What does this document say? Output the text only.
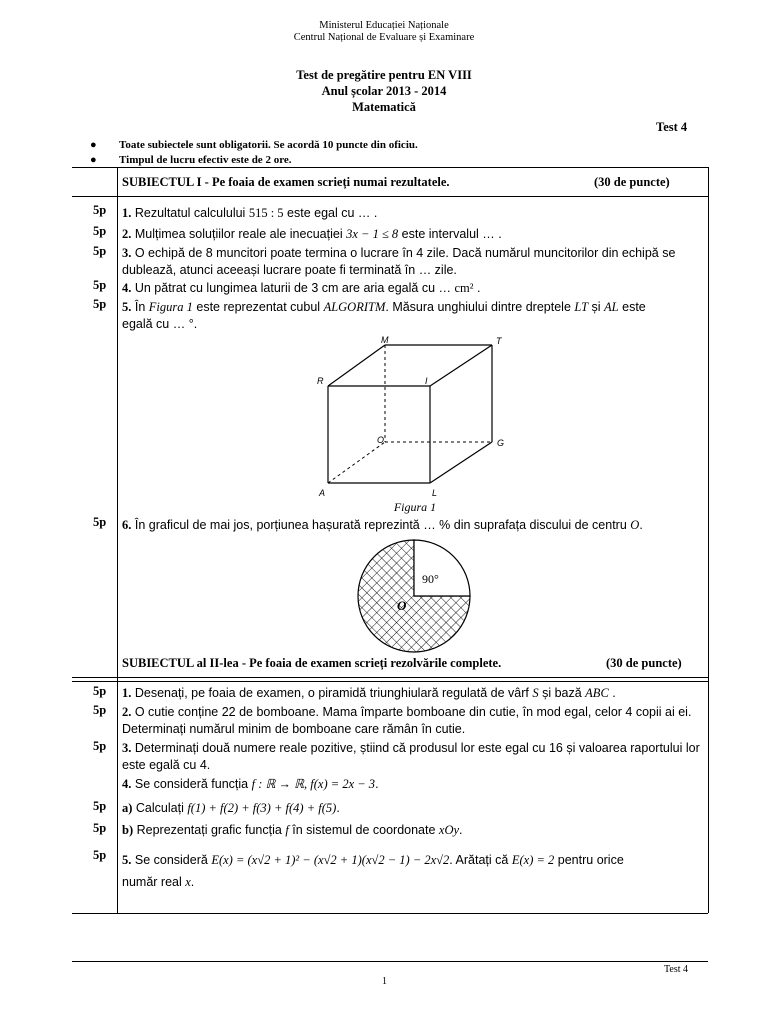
Ministerul Educației Naționale
Centrul Național de Evaluare și Examinare
Test de pregătire pentru EN VIII
Anul școlar 2013 - 2014
Matematică
Test 4
● Toate subiectele sunt obligatorii. Se acordă 10 puncte din oficiu.
● Timpul de lucru efectiv este de 2 ore.
SUBIECTUL I - Pe foaia de examen scrieți numai rezultatele.	(30 de puncte)
5p 1. Rezultatul calculului 515 : 5 este egal cu … .
5p 2. Mulțimea soluțiilor reale ale inecuației 3x − 1 ≤ 8 este intervalul … .
5p 3. O echipă de 8 muncitori poate termina o lucrare în 4 zile. Dacă numărul muncitorilor din echipă se dublează, atunci aceeași lucrare poate fi terminată în … zile.
5p 4. Un pătrat cu lungimea laturii de 3 cm are aria egală cu … cm² .
5p 5. În Figura 1 este reprezentat cubul ALGORITM. Măsura unghiului dintre dreptele LT și AL este
egală cu … °.
M	T
R	I
O	G
A	L
Figura 1
5p 6. În graficul de mai jos, porțiunea hașurată reprezintă … % din suprafața discului de centru O.
90°
O
SUBIECTUL al II-lea - Pe foaia de examen scrieți rezolvările complete.	(30 de puncte)
5p 1. Desenați, pe foaia de examen, o piramidă triunghiulară regulată de vârf S și bază ABC .
5p 2. O cutie conține 22 de bomboane. Mama împarte bomboane din cutie, în mod egal, celor 4 copii ai ei. Determinați numărul minim de bomboane care rămân în cutie.
5p 3. Determinați două numere reale pozitive, știind că produsul lor este egal cu 16 și valoarea raportului lor este egală cu 4.
4. Se consideră funcția f : ℝ → ℝ, f(x) = 2x − 3.
5p a) Calculați f(1) + f(2) + f(3) + f(4) + f(5).
5p b) Reprezentați grafic funcția f în sistemul de coordonate xOy.
5p 5. Se consideră E(x) = (x√2 + 1)² − (x√2 + 1)(x√2 − 1) − 2x√2. Arătați că E(x) = 2 pentru orice
număr real x.
Test 4
1
